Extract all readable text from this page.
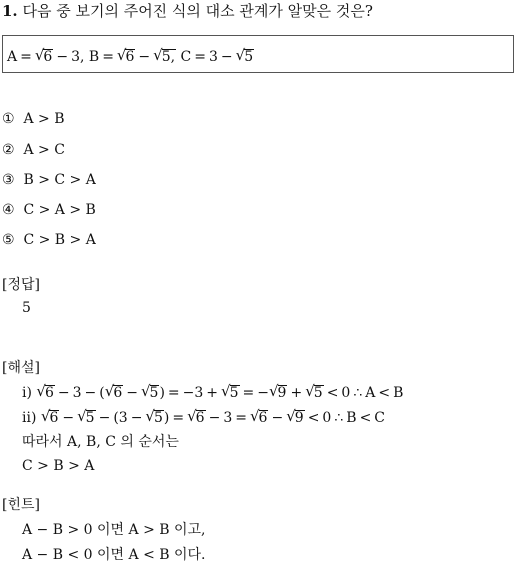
1. 다음 중 보기의 주어진 식의 대소 관계가 알맞은 것은?
A = √6 − 3, B = √6 − √5, C = 3 − √5
① A > B
② A > C
③ B > C > A
④ C > A > B
⑤ C > B > A
[정답]
5
[해설]
ⅰ) √6 − 3 − (√6 − √5) = −3 + √5 = −√9 + √5 < 0 ∴ A < B
ⅱ) √6 − √5 − (3 − √5) = √6 − 3 = √6 − √9 < 0 ∴ B < C
따라서 A, B, C 의 순서는
C > B > A
[힌트]
A − B > 0 이면 A > B 이고,
A − B < 0 이면 A < B 이다.
